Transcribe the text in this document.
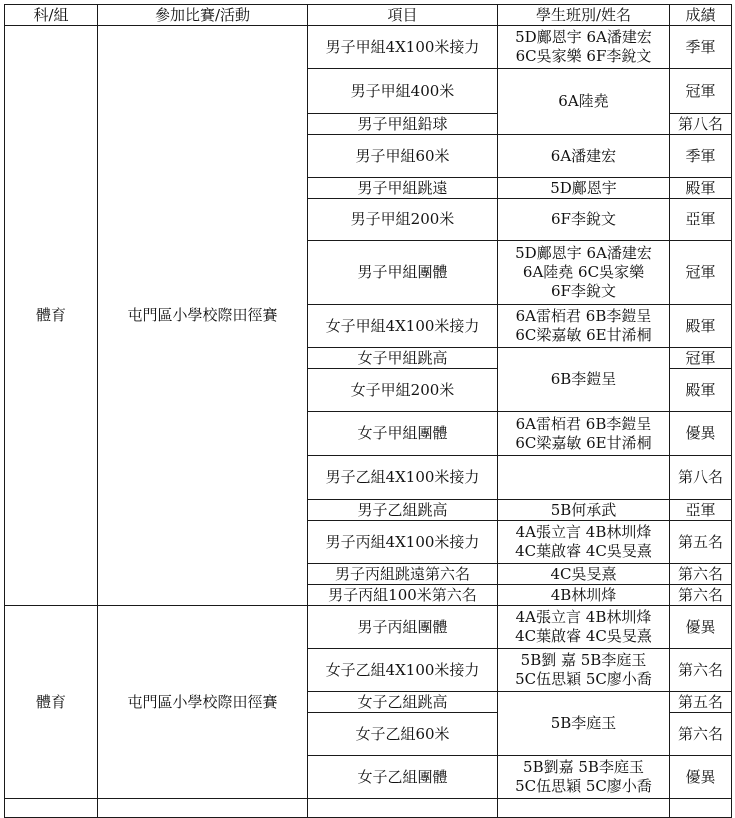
科/組	參加比賽/活動	項目	學生班別/姓名	成績
體育	屯門區小學校際田徑賽	男子甲組4X100米接力	5D鄺恩宇 6A潘建宏
6C吳家樂 6F李銳文	季軍
		男子甲組400米	6A陸堯	冠軍
		男子甲組鉛球		第八名
		男子甲組60米	6A潘建宏	季軍
		男子甲組跳遠	5D鄺恩宇	殿軍
		男子甲組200米	6F李銳文	亞軍
		男子甲組團體	5D鄺恩宇 6A潘建宏
6A陸堯 6C吳家樂
6F李銳文	冠軍
		女子甲組4X100米接力	6A雷栢君 6B李鎧呈
6C梁嘉敏 6E甘浠桐	殿軍
		女子甲組跳高	6B李鎧呈	冠軍
		女子甲組200米		殿軍
		女子甲組團體	6A雷栢君 6B李鎧呈
6C梁嘉敏 6E甘浠桐	優異
		男子乙組4X100米接力		第八名
		男子乙組跳高	5B何承武	亞軍
		男子丙組4X100米接力	4A張立言 4B林圳烽
4C葉啟睿 4C吳旻熹	第五名
		男子丙組跳遠第六名	4C吳旻熹	第六名
		男子丙組100米第六名	4B林圳烽	第六名
體育	屯門區小學校際田徑賽	男子丙組團體	4A張立言 4B林圳烽
4C葉啟睿 4C吳旻熹	優異
		女子乙組4X100米接力	5B劉 嘉 5B李庭玉
5C伍思穎 5C廖小喬	第六名
		女子乙組跳高	5B李庭玉	第五名
		女子乙組60米		第六名
		女子乙組團體	5B劉嘉 5B李庭玉
5C伍思穎 5C廖小喬	優異
